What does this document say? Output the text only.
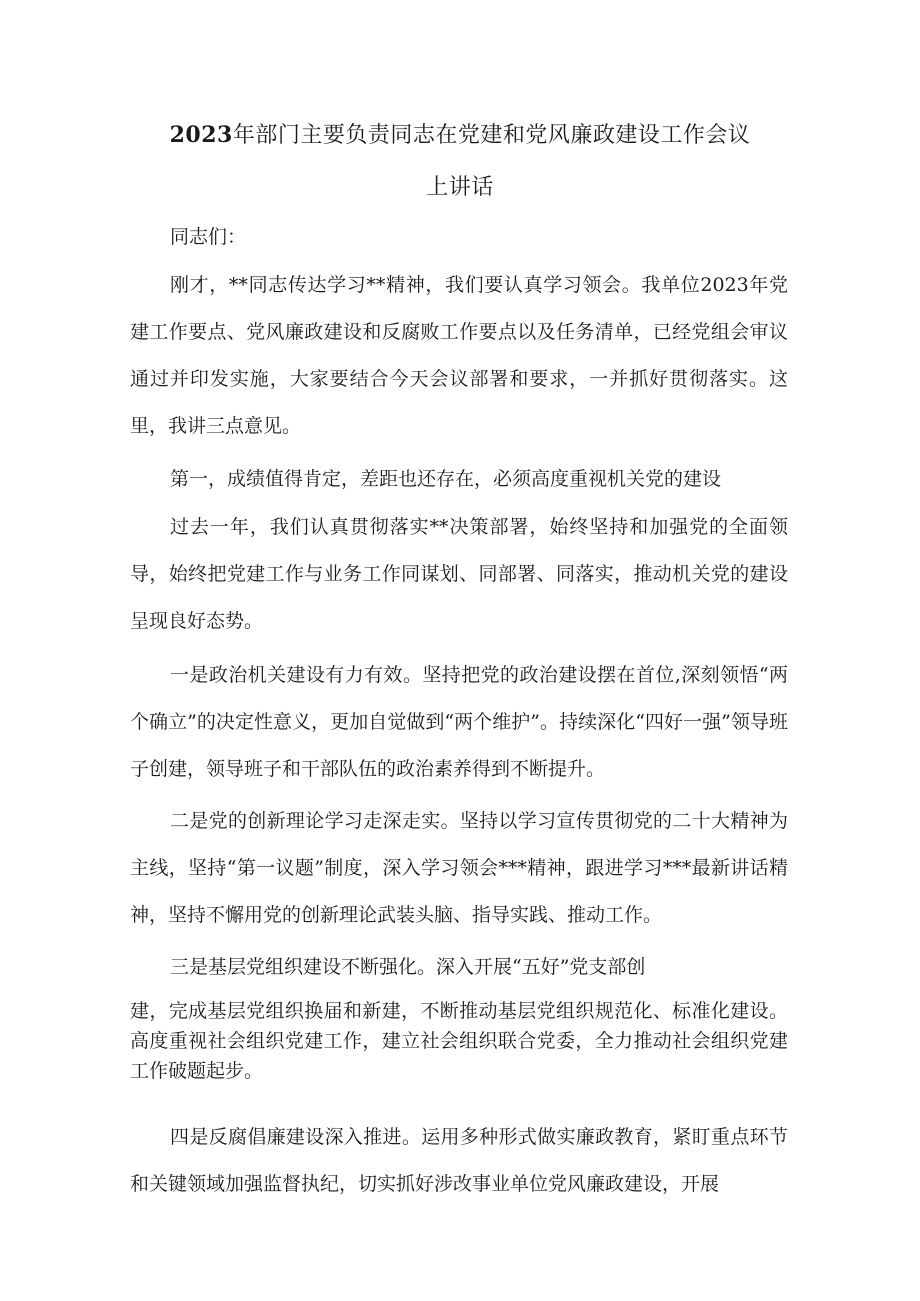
2023年部门主要负责同志在党建和党风廉政建设工作会议
上讲话

同志们：

刚才，**同志传达学习**精神，我们要认真学习领会。我单位2023年党建工作要点、党风廉政建设和反腐败工作要点以及任务清单，已经党组会审议通过并印发实施，大家要结合今天会议部署和要求，一并抓好贯彻落实。这里，我讲三点意见。

第一，成绩值得肯定，差距也还存在，必须高度重视机关党的建设

过去一年，我们认真贯彻落实**决策部署，始终坚持和加强党的全面领导，始终把党建工作与业务工作同谋划、同部署、同落实，推动机关党的建设呈现良好态势。

一是政治机关建设有力有效。坚持把党的政治建设摆在首位,深刻领悟“两个确立”的决定性意义，更加自觉做到“两个维护”。持续深化“四好一强”领导班子创建，领导班子和干部队伍的政治素养得到不断提升。

二是党的创新理论学习走深走实。坚持以学习宣传贯彻党的二十大精神为主线，坚持“第一议题”制度，深入学习领会***精神，跟进学习***最新讲话精神，坚持不懈用党的创新理论武装头脑、指导实践、推动工作。

三是基层党组织建设不断强化。深入开展“五好”党支部创

建，完成基层党组织换届和新建，不断推动基层党组织规范化、标准化建设。高度重视社会组织党建工作，建立社会组织联合党委，全力推动社会组织党建工作破题起步。

四是反腐倡廉建设深入推进。运用多种形式做实廉政教育，紧盯重点环节和关键领域加强监督执纪，切实抓好涉改事业单位党风廉政建设，开展
